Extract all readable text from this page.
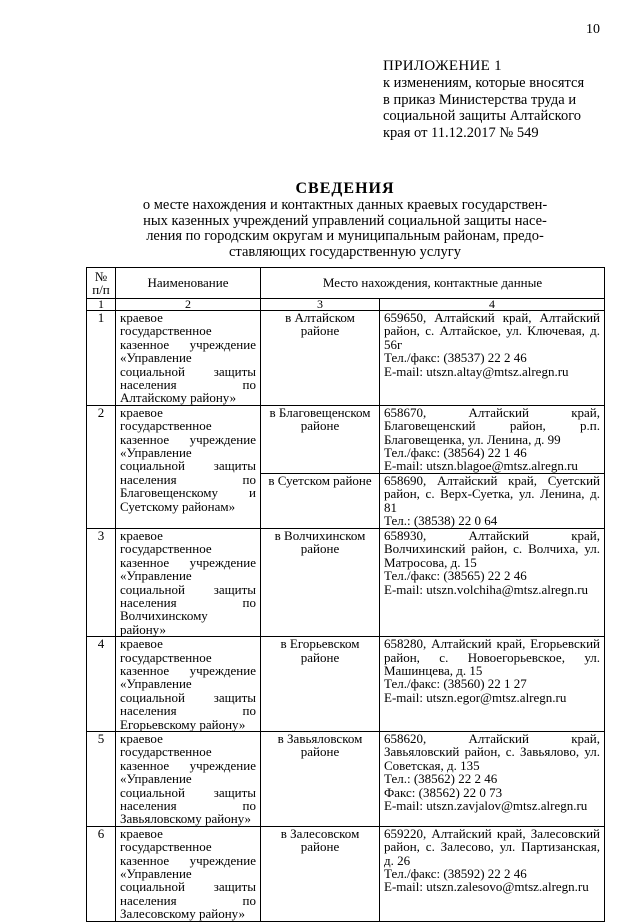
10
ПРИЛОЖЕНИЕ 1
к изменениям, которые вносятся
в приказ Министерства труда и
социальной защиты Алтайского
края от 11.12.2017 № 549
СВЕДЕНИЯ
о месте нахождения и контактных данных краевых государствен-
ных казенных учреждений управлений социальной защиты насе-
ления по городским округам и муниципальным районам, предо-
ставляющих государственную услугу
№ п/п	Наименование	Место нахождения, контактные данные	
1	2	3	4
1	краевое государственное казенное учреждение «Управление социальной защиты населения по Алтайскому району»	в Алтайском районе	659650, Алтайский край, Алтайский район, с. Алтайское, ул. Ключевая, д. 56г
Тел./факс: (38537) 22 2 46
E-mail: utszn.altay@mtsz.alregn.ru

2	краевое государственное казенное учреждение «Управление социальной защиты населения по Благовещенскому и Суетскому районам»	в Благовещенском районе	658670, Алтайский край, Благовещенский район, р.п. Благовещенка, ул. Ленина, д. 99
Тел./факс: (38564) 22 1 46
E-mail: utszn.blagoe@mtsz.alregn.ru

		в Суетском районе	658690, Алтайский край, Суетский район, с. Верх-Суетка, ул. Ленина, д. 81
Тел.: (38538) 22 0 64

3	краевое государственное казенное учреждение «Управление социальной защиты населения по Волчихинскому району»	в Волчихинском районе	658930, Алтайский край, Волчихинский район, с. Волчиха, ул. Матросова, д. 15
Тел./факс: (38565) 22 2 46
E-mail: utszn.volchiha@mtsz.alregn.ru

4	краевое государственное казенное учреждение «Управление социальной защиты населения по Егорьевскому району»	в Егорьевском районе	658280, Алтайский край, Егорьевский район, с. Новоегорьевское, ул. Машинцева, д. 15
Тел./факс: (38560) 22 1 27
E-mail: utszn.egor@mtsz.alregn.ru

5	краевое государственное казенное учреждение «Управление социальной защиты населения по Завьяловскому району»	в Завьяловском районе	658620, Алтайский край, Завьяловский район, с. Завьялово, ул. Советская, д. 135
Тел.: (38562) 22 2 46
Факс: (38562) 22 0 73
E-mail: utszn.zavjalov@mtsz.alregn.ru

6	краевое государственное казенное учреждение «Управление социальной защиты населения по Залесовскому району»	в Залесовском районе	659220, Алтайский край, Залесовский район, с. Залесово, ул. Партизанская, д. 26
Тел./факс: (38592) 22 2 46
E-mail: utszn.zalesovo@mtsz.alregn.ru
